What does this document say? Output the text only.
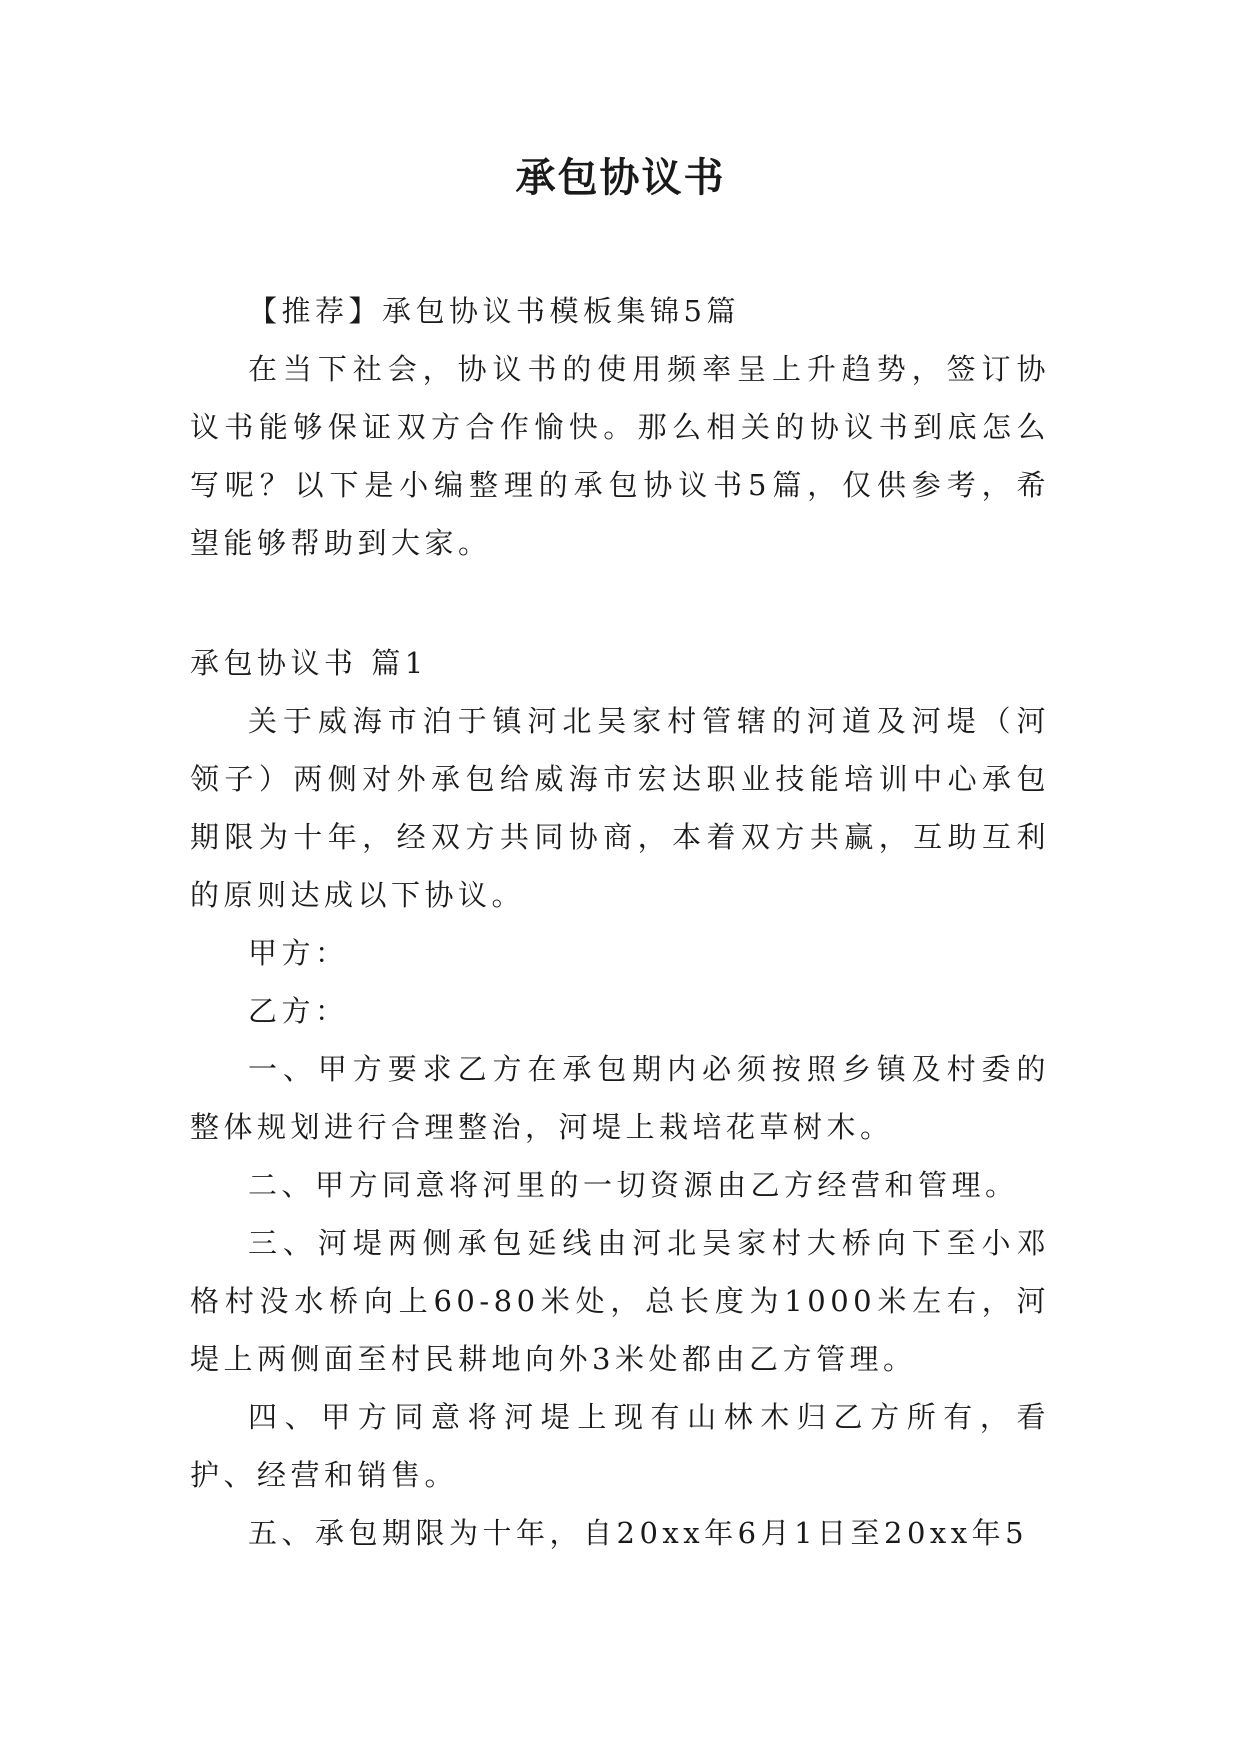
承包协议书

【推荐】承包协议书模板集锦5篇

在当下社会，协议书的使用频率呈上升趋势，签订协议书能够保证双方合作愉快。那么相关的协议书到底怎么写呢？以下是小编整理的承包协议书5篇，仅供参考，希望能够帮助到大家。

承包协议书 篇1

关于威海市泊于镇河北吴家村管辖的河道及河堤（河领子）两侧对外承包给威海市宏达职业技能培训中心承包期限为十年，经双方共同协商，本着双方共赢，互助互利的原则达成以下协议。

甲方：

乙方：

一、甲方要求乙方在承包期内必须按照乡镇及村委的整体规划进行合理整治，河堤上栽培花草树木。

二、甲方同意将河里的一切资源由乙方经营和管理。

三、河堤两侧承包延线由河北吴家村大桥向下至小邓格村没水桥向上60-80米处，总长度为1000米左右，河堤上两侧面至村民耕地向外3米处都由乙方管理。

四、甲方同意将河堤上现有山林木归乙方所有，看护、经营和销售。

五、承包期限为十年，自20xx年6月1日至20xx年5
